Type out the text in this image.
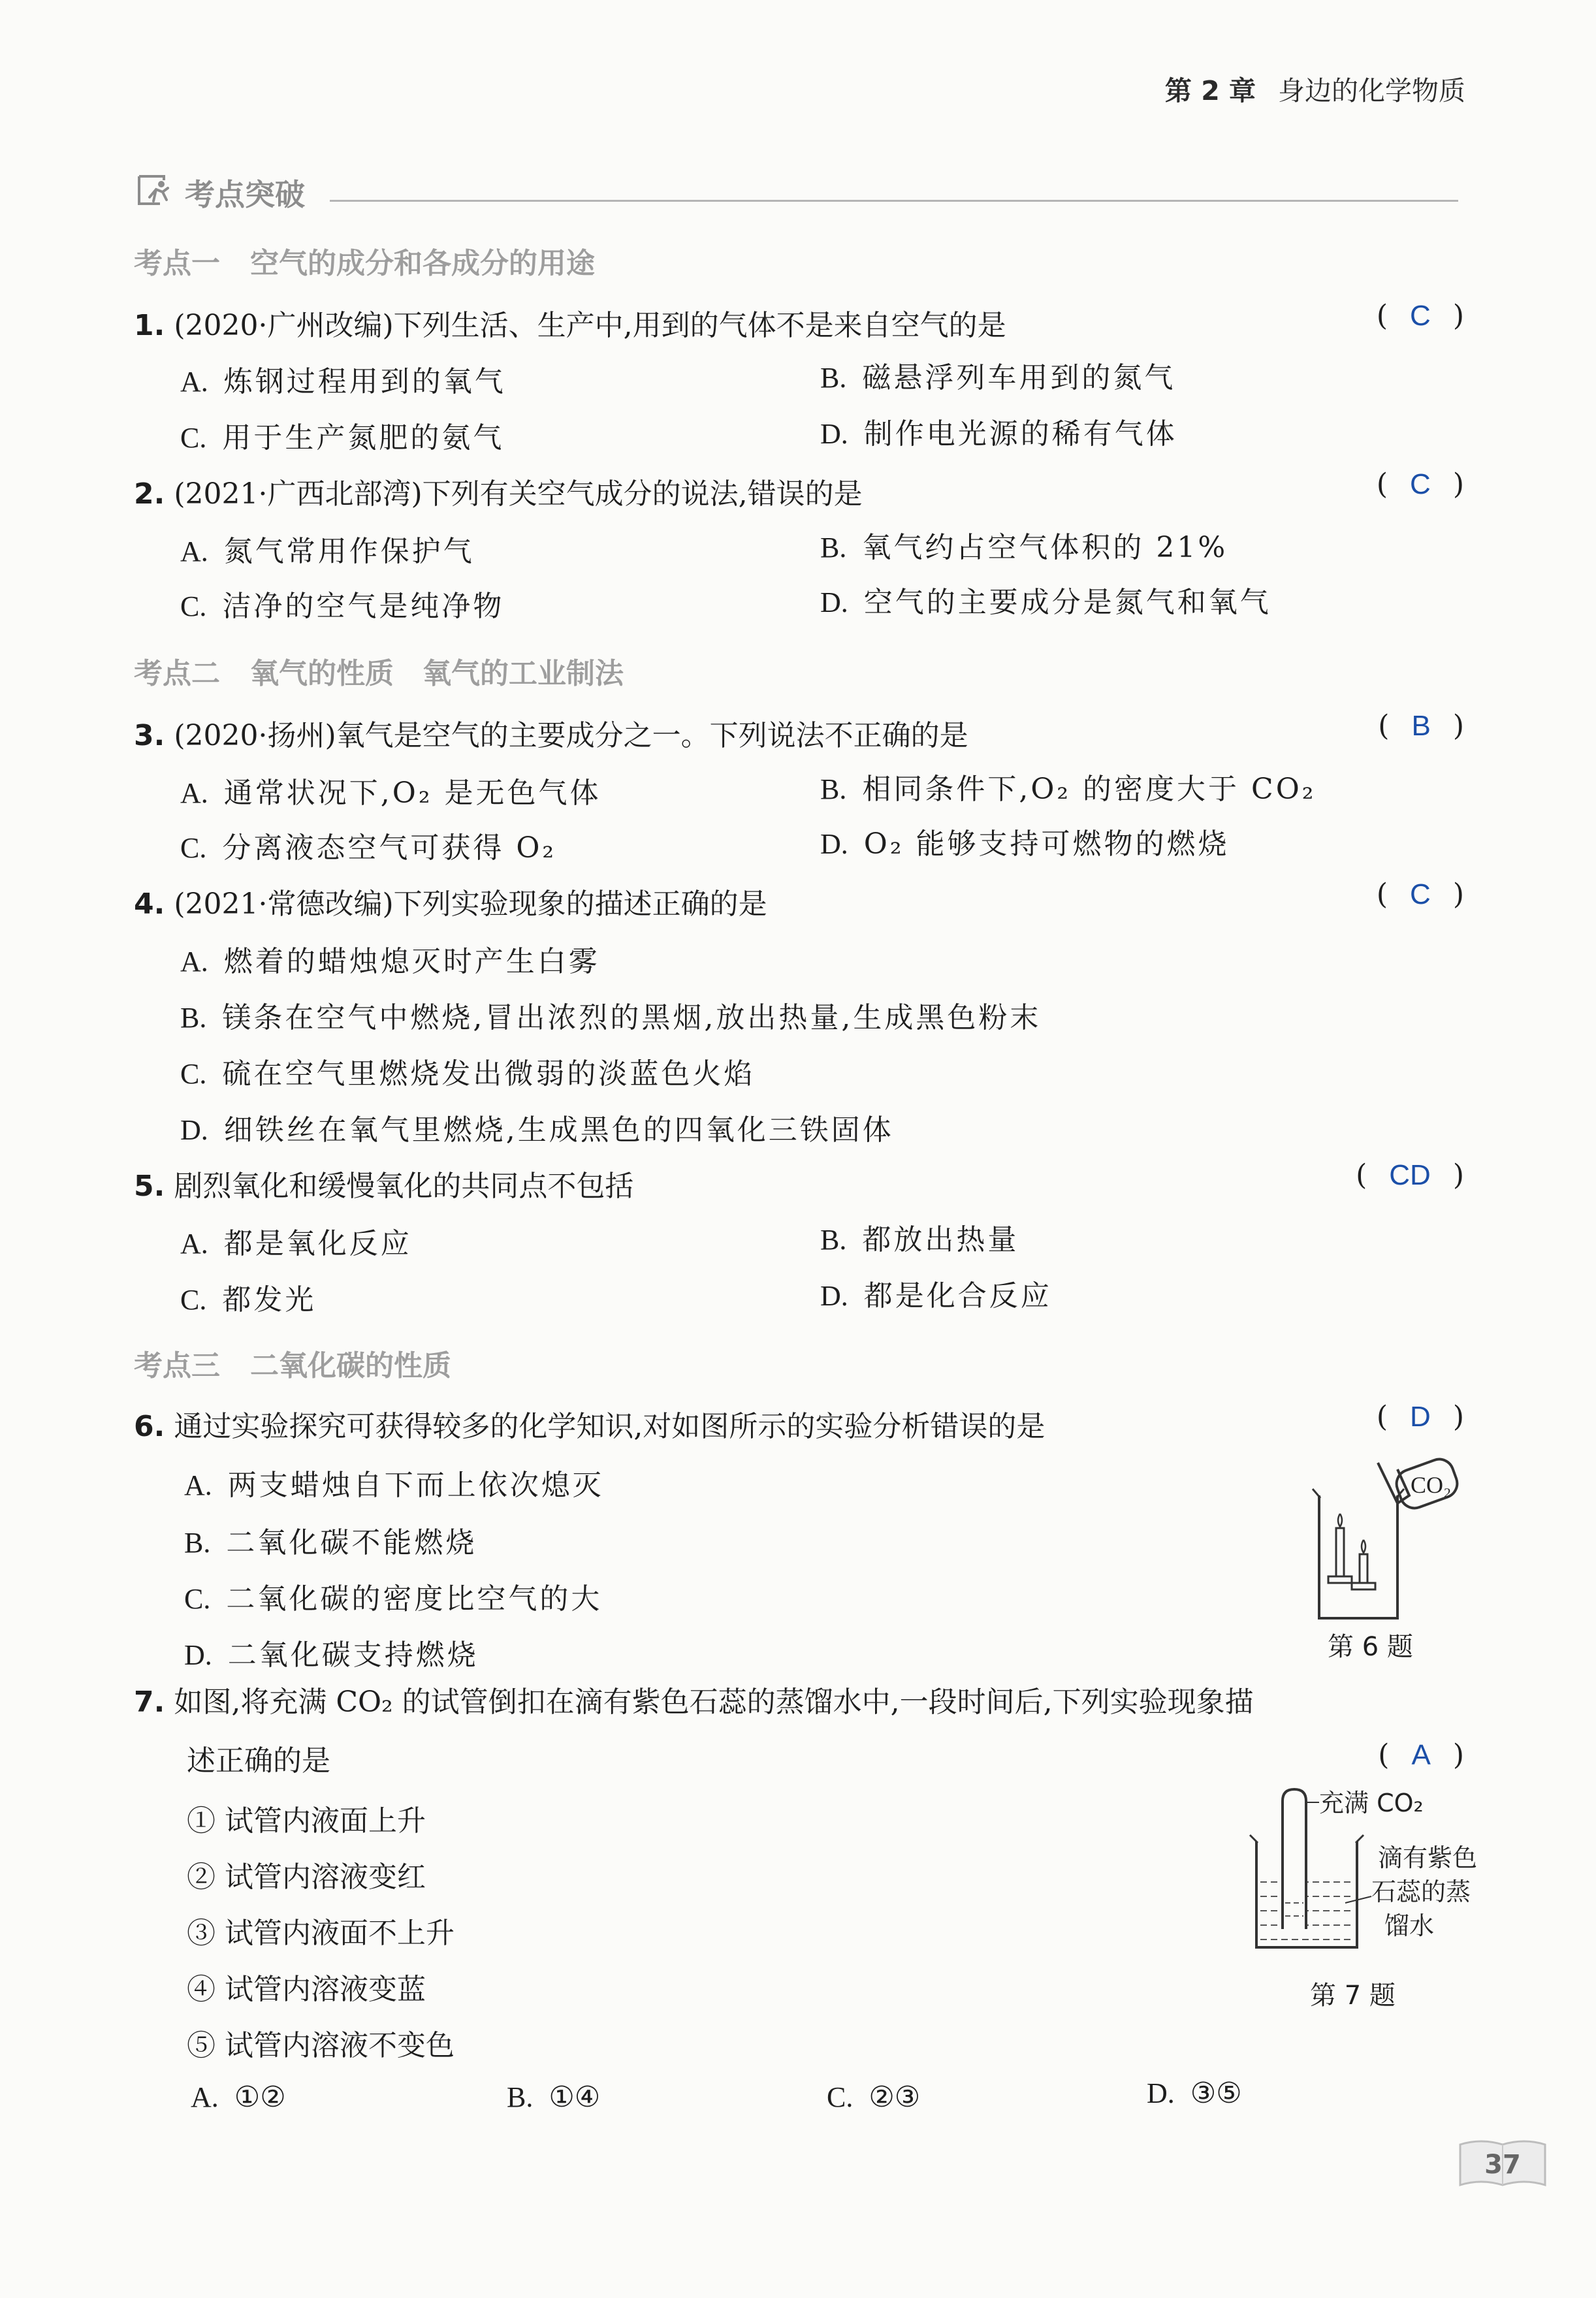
第 2 章 身边的化学物质
考点突破
考点一 空气的成分和各成分的用途
1. (2020·广州改编)下列生活、生产中,用到的气体不是来自空气的是	( C )
A. 炼钢过程用到的氧气	B. 磁悬浮列车用到的氮气
C. 用于生产氮肥的氨气	D. 制作电光源的稀有气体
2. (2021·广西北部湾)下列有关空气成分的说法,错误的是	( C )
A. 氮气常用作保护气	B. 氧气约占空气体积的 21%
C. 洁净的空气是纯净物	D. 空气的主要成分是氮气和氧气
考点二 氧气的性质　氧气的工业制法
3. (2020·扬州)氧气是空气的主要成分之一。下列说法不正确的是	( B )
A. 通常状况下,O₂ 是无色气体	B. 相同条件下,O₂ 的密度大于 CO₂
C. 分离液态空气可获得 O₂	D. O₂ 能够支持可燃物的燃烧
4. (2021·常德改编)下列实验现象的描述正确的是	( C )
A. 燃着的蜡烛熄灭时产生白雾
B. 镁条在空气中燃烧,冒出浓烈的黑烟,放出热量,生成黑色粉末
C. 硫在空气里燃烧发出微弱的淡蓝色火焰
D. 细铁丝在氧气里燃烧,生成黑色的四氧化三铁固体
5. 剧烈氧化和缓慢氧化的共同点不包括	( CD )
A. 都是氧化反应	B. 都放出热量
C. 都发光	D. 都是化合反应
考点三 二氧化碳的性质
6. 通过实验探究可获得较多的化学知识,对如图所示的实验分析错误的是	( D )
A. 两支蜡烛自下而上依次熄灭
B. 二氧化碳不能燃烧
C. 二氧化碳的密度比空气的大
D. 二氧化碳支持燃烧
CO₂
第 6 题
7. 如图,将充满 CO₂ 的试管倒扣在滴有紫色石蕊的蒸馏水中,一段时间后,下列实验现象描
述正确的是	( A )
① 试管内液面上升
② 试管内溶液变红
③ 试管内液面不上升
④ 试管内溶液变蓝
⑤ 试管内溶液不变色
A. ①②	B. ①④	C. ②③	D. ③⑤
充满 CO₂
滴有紫色
石蕊的蒸
馏水
第 7 题
37
